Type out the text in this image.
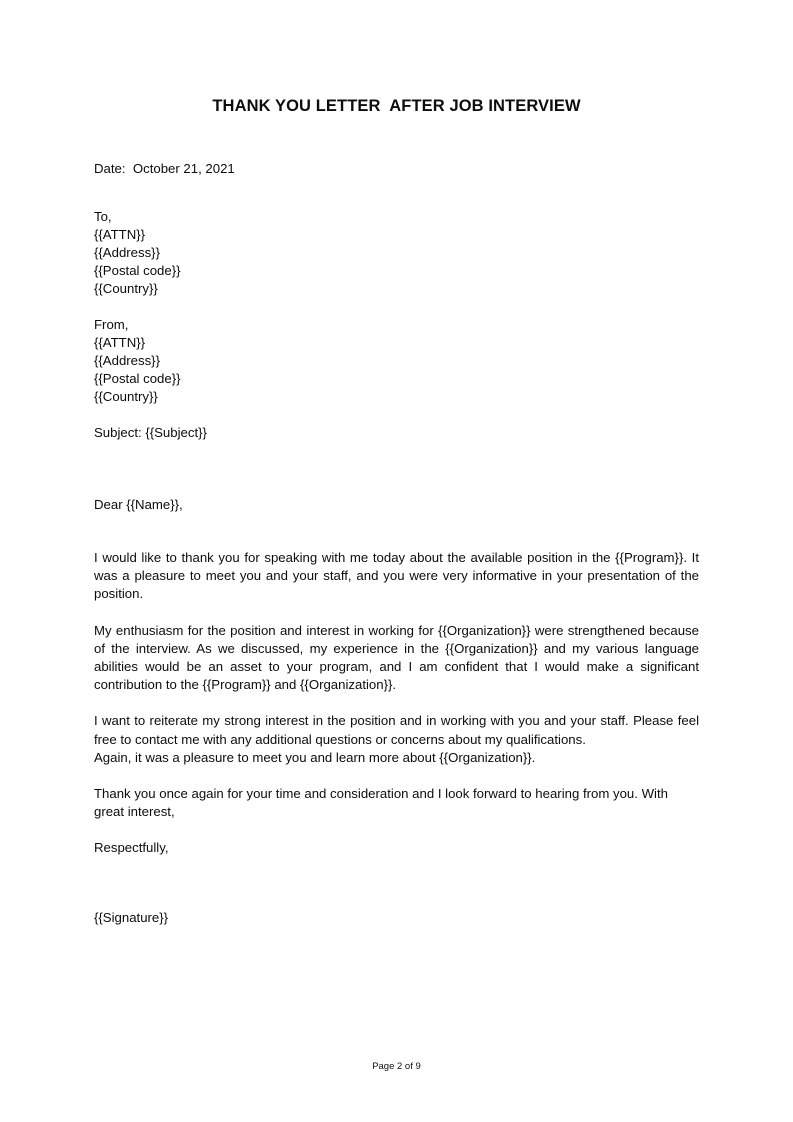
THANK YOU LETTER  AFTER JOB INTERVIEW
Date:  October 21, 2021
To,
{{ATTN}}
{{Address}}
{{Postal code}}
{{Country}}
From,
{{ATTN}}
{{Address}}
{{Postal code}}
{{Country}}
Subject: {{Subject}}
Dear {{Name}},

I would like to thank you for speaking with me today about the available position in the {{Program}}. It was a pleasure to meet you and your staff, and you were very informative in your presentation of the position.

My enthusiasm for the position and interest in working for {{Organization}} were strengthened because of the interview. As we discussed, my experience in the {{Organization}} and my various language abilities would be an asset to your program, and I am confident that I would make a significant contribution to the {{Program}} and {{Organization}}.

I want to reiterate my strong interest in the position and in working with you and your staff. Please feel free to contact me with any additional questions or concerns about my qualifications.

Again, it was a pleasure to meet you and learn more about {{Organization}}.

Thank you once again for your time and consideration and I look forward to hearing from you. With great interest,

Respectfully,
{{Signature}}
Page 2 of 9
